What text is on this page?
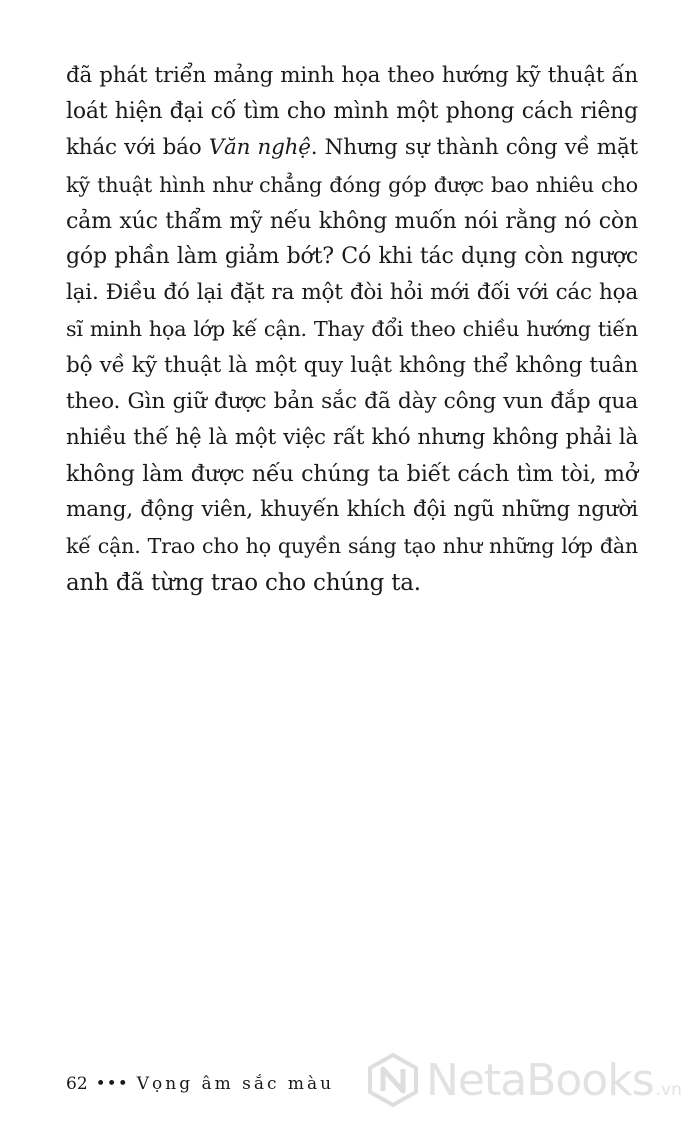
đã phát triển mảng minh họa theo hướng kỹ thuật ấn
loát hiện đại cố tìm cho mình một phong cách riêng
khác với báo Văn nghệ. Nhưng sự thành công về mặt
kỹ thuật hình như chẳng đóng góp được bao nhiêu cho
cảm xúc thẩm mỹ nếu không muốn nói rằng nó còn
góp phần làm giảm bớt? Có khi tác dụng còn ngược
lại. Điều đó lại đặt ra một đòi hỏi mới đối với các họa
sĩ minh họa lớp kế cận. Thay đổi theo chiều hướng tiến
bộ về kỹ thuật là một quy luật không thể không tuân
theo. Gìn giữ được bản sắc đã dày công vun đắp qua
nhiều thế hệ là một việc rất khó nhưng không phải là
không làm được nếu chúng ta biết cách tìm tòi, mở
mang, động viên, khuyến khích đội ngũ những người
kế cận. Trao cho họ quyền sáng tạo như những lớp đàn
anh đã từng trao cho chúng ta.
62 ••• Vọng âm sắc màu NetaBooks .vn
